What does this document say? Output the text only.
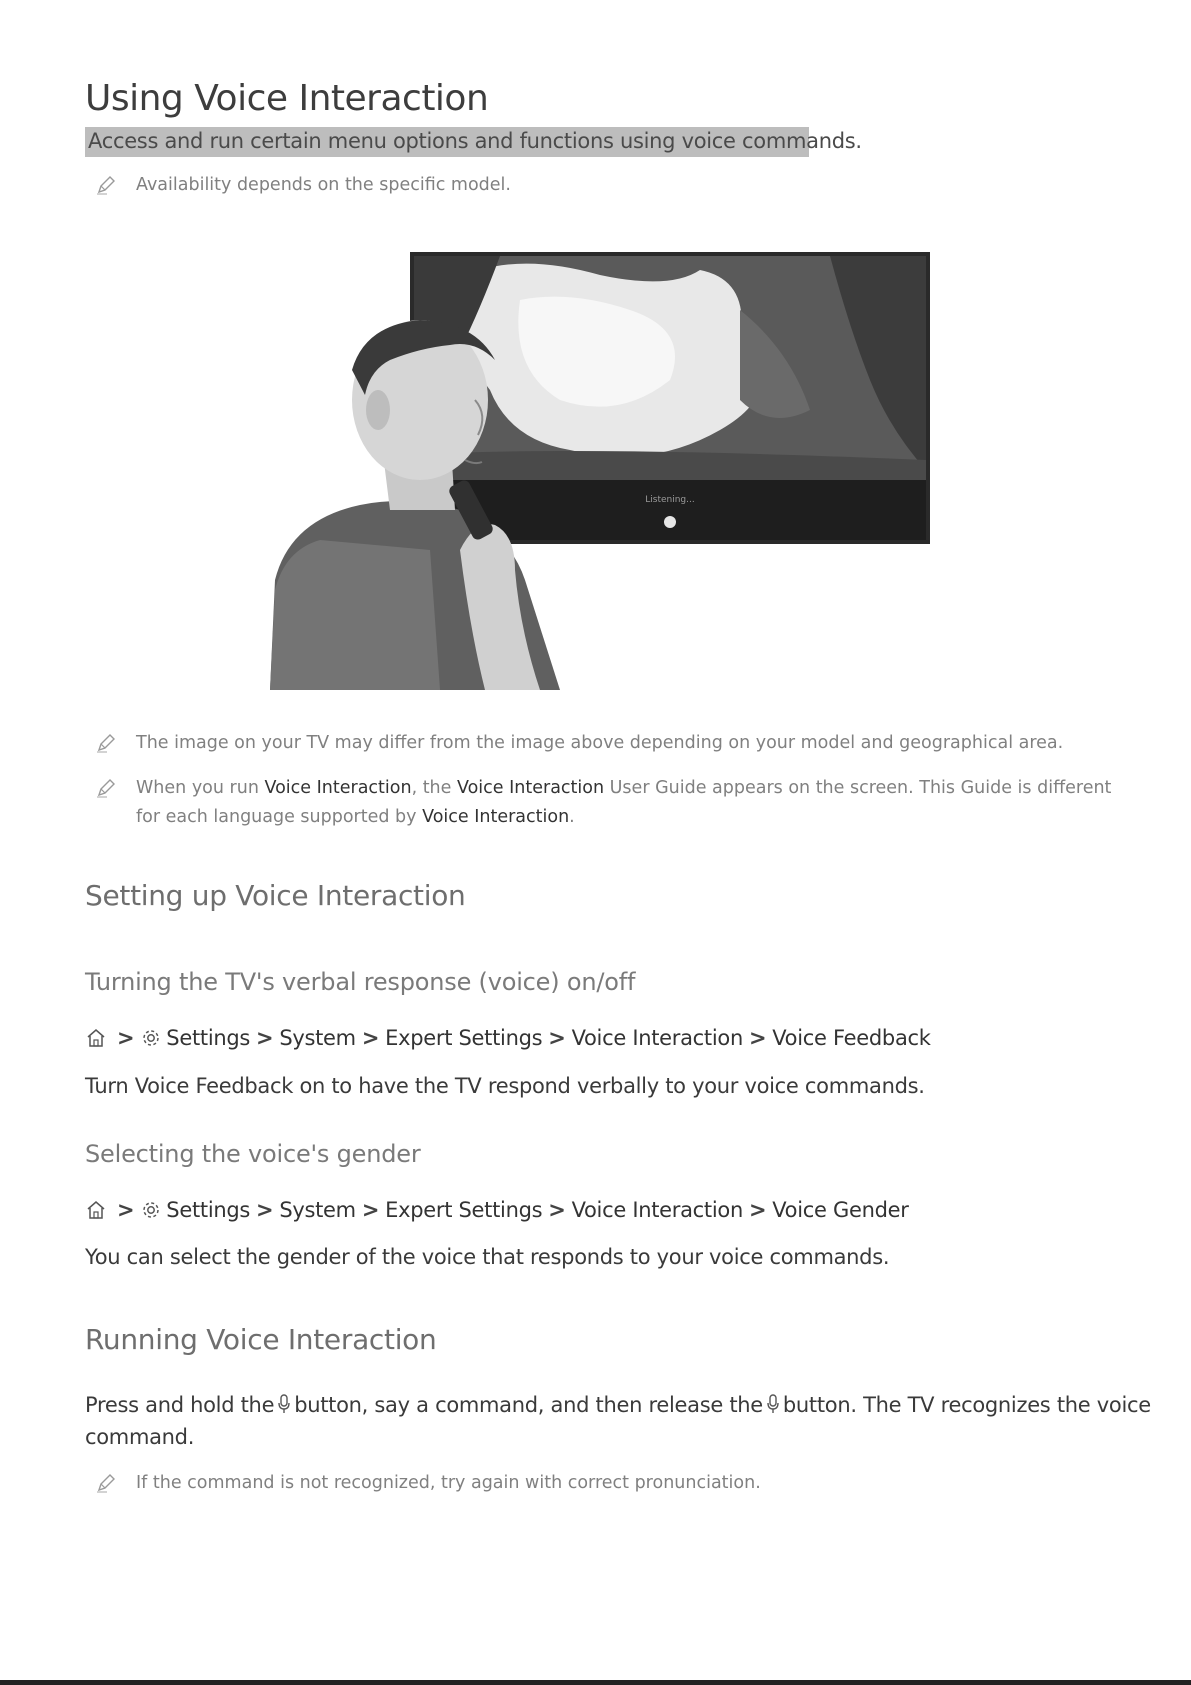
Using Voice Interaction
Access and run certain menu options and functions using voice commands.
Availability depends on the specific model.
Listening...
The image on your TV may differ from the image above depending on your model and geographical area.
When you run Voice Interaction, the Voice Interaction User Guide appears on the screen. This Guide is different
for each language supported by Voice Interaction.
Setting up Voice Interaction
Turning the TV's verbal response (voice) on/off
> Settings > System > Expert Settings > Voice Interaction > Voice Feedback
Turn Voice Feedback on to have the TV respond verbally to your voice commands.
Selecting the voice's gender
> Settings > System > Expert Settings > Voice Interaction > Voice Gender
You can select the gender of the voice that responds to your voice commands.
Running Voice Interaction
Press and hold the button, say a command, and then release the button. The TV recognizes the voice
command.
If the command is not recognized, try again with correct pronunciation.
